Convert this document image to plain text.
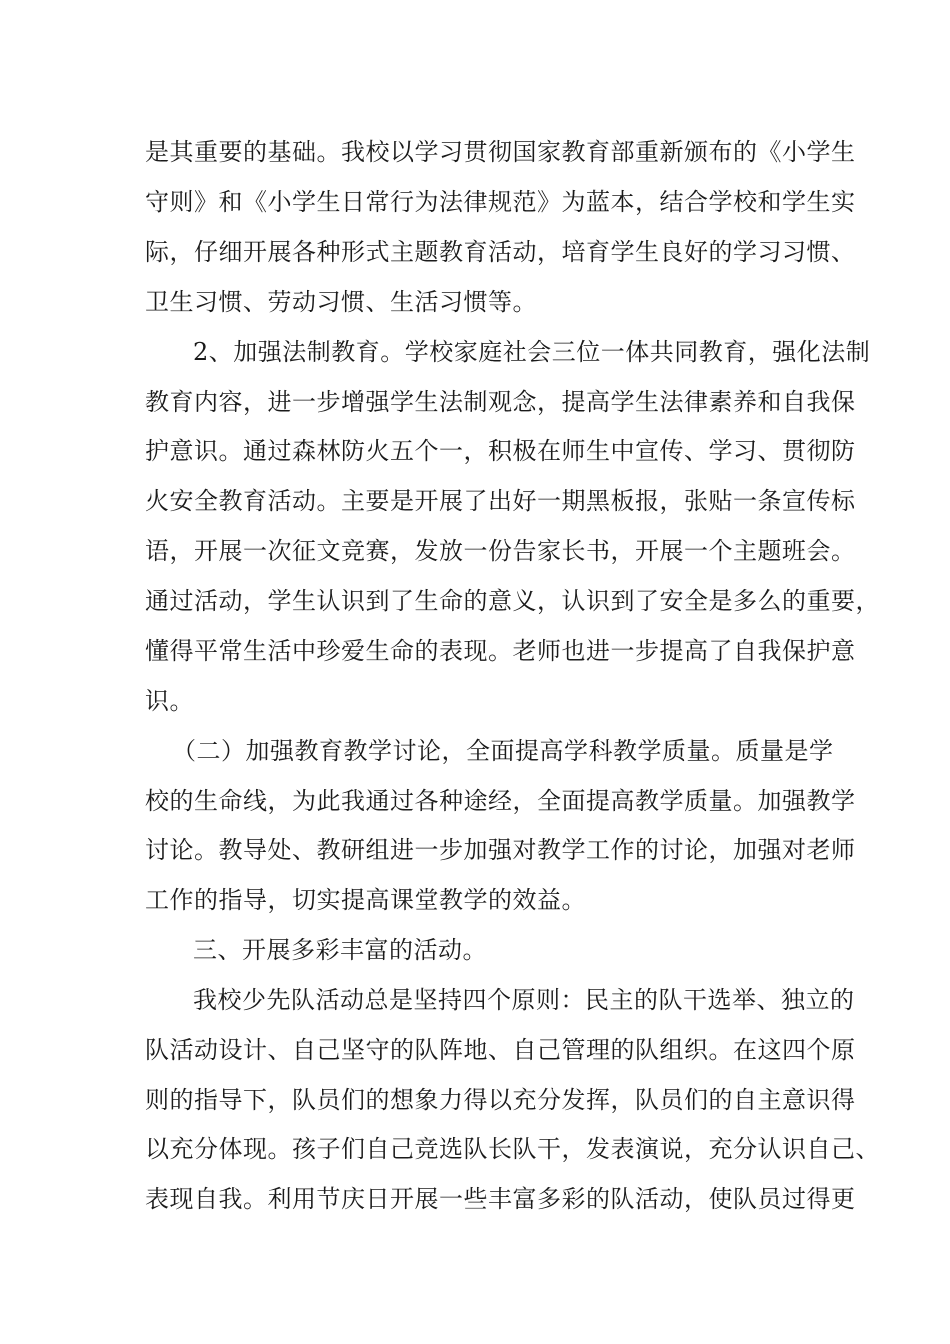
是其重要的基础。我校以学习贯彻国家教育部重新颁布的《小学生
守则》和《小学生日常行为法律规范》为蓝本，结合学校和学生实
际，仔细开展各种形式主题教育活动，培育学生良好的学习习惯、
卫生习惯、劳动习惯、生活习惯等。
2、加强法制教育。学校家庭社会三位一体共同教育，强化法制
教育内容，进一步增强学生法制观念，提高学生法律素养和自我保
护意识。通过森林防火五个一，积极在师生中宣传、学习、贯彻防
火安全教育活动。主要是开展了出好一期黑板报，张贴一条宣传标
语，开展一次征文竞赛，发放一份告家长书，开展一个主题班会。
通过活动，学生认识到了生命的意义，认识到了安全是多么的重要，
懂得平常生活中珍爱生命的表现。老师也进一步提高了自我保护意
识。
（二）加强教育教学讨论，全面提高学科教学质量。质量是学
校的生命线，为此我通过各种途经，全面提高教学质量。加强教学
讨论。教导处、教研组进一步加强对教学工作的讨论，加强对老师
工作的指导，切实提高课堂教学的效益。
三、开展多彩丰富的活动。
我校少先队活动总是坚持四个原则：民主的队干选举、独立的
队活动设计、自己坚守的队阵地、自己管理的队组织。在这四个原
则的指导下，队员们的想象力得以充分发挥，队员们的自主意识得
以充分体现。孩子们自己竞选队长队干，发表演说，充分认识自己、
表现自我。利用节庆日开展一些丰富多彩的队活动，使队员过得更
